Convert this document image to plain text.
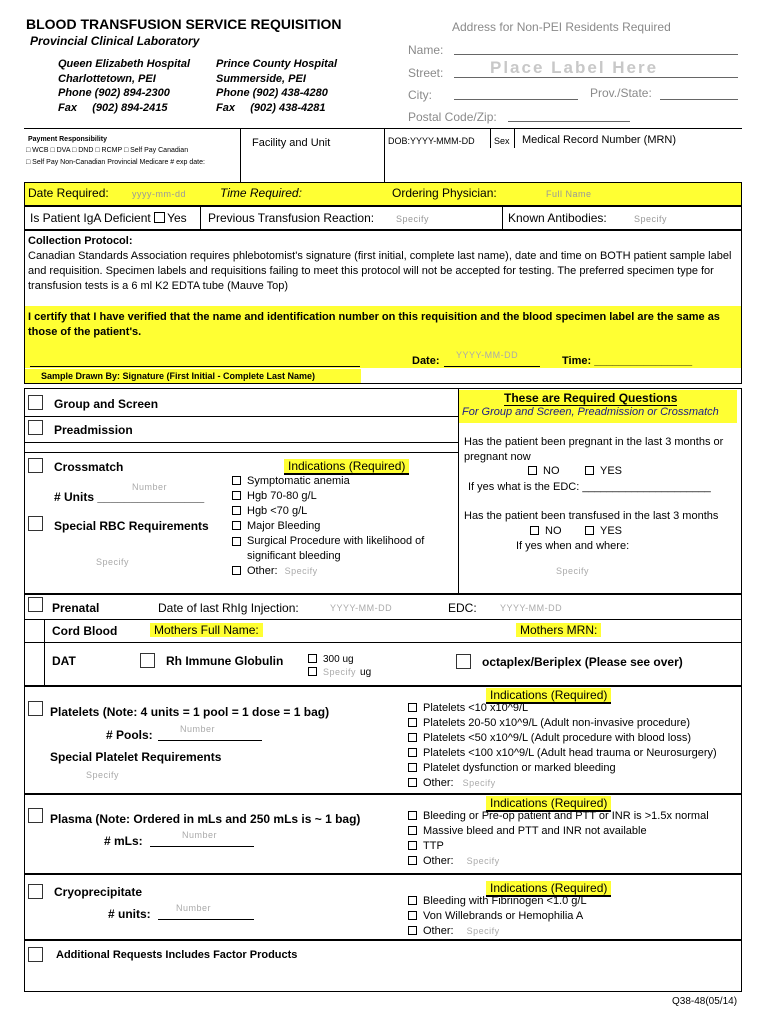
BLOOD TRANSFUSION SERVICE REQUISITION
Provincial Clinical Laboratory
Queen Elizabeth Hospital
Charlottetown, PEI
Phone (902) 894-2300
Fax     (902) 894-2415
Prince County Hospital
Summerside, PEI
Phone (902) 438-4280
Fax     (902) 438-4281
Address for Non-PEI Residents Required
Name:
Street:	Place Label Here
City:	Prov./State:
Postal Code/Zip:
Payment Responsibility
□ WCB □ DVA □ DND □ RCMP □ Self Pay Canadian
□ Self Pay Non-Canadian Provincial Medicare # exp date:
Facility and Unit	DOB:YYYY-MMM-DD Sex Medical Record Number (MRN)
Date Required:	yyyy-mm-dd	Time Required:	Ordering Physician:	Full Name
Is Patient IgA Deficient Yes Previous Transfusion Reaction: Specify	Known Antibodies:	Specify
Collection Protocol:
Canadian Standards Association requires phlebotomist's signature (first initial, complete last name), date and time on BOTH patient sample label and requisition. Specimen labels and requisitions failing to meet this protocol will not be accepted for testing. The preferred specimen type for transfusion tests is a 6 ml K2 EDTA tube (Mauve Top)
I certify that I have verified that the name and identification number on this requisition and the blood specimen label are the same as those of the patient's.
Date: YYYY-MM-DD	Time: ________________
Sample Drawn By: Signature (First Initial - Complete Last Name)
Group and Screen
Preadmission
Crossmatch
Number
# Units ________________
Special RBC Requirements
Specify
Indications (Required)
Symptomatic anemia
Hgb 70-80 g/L
Hgb <70 g/L
Major Bleeding
Surgical Procedure with likelihood of significant bleeding
Other: Specify
These are Required Questions
For Group and Screen, Preadmission or Crossmatch
Has the patient been pregnant in the last 3 months or pregnant now
NO	YES
If yes what is the EDC: _____________________
Has the patient been transfused in the last 3 months
NO	YES
If yes when and where:
Specify
Prenatal	Date of last RhIg Injection:	YYYY-MM-DD	EDC:	YYYY-MM-DD
Cord Blood	Mothers Full Name:	Mothers MRN:
DAT	Rh Immune Globulin	300 ug
Specify ug
octaplex/Beriplex (Please see over)
Platelets (Note: 4 units = 1 pool = 1 dose = 1 bag)
# Pools:	Number
Special Platelet Requirements
Specify
Indications (Required)
Platelets <10 x10^9/L
Platelets 20-50 x10^9/L (Adult non-invasive procedure)
Platelets <50 x10^9/L (Adult procedure with blood loss)
Platelets <100 x10^9/L (Adult head trauma or Neurosurgery)
Platelet dysfunction or marked bleeding
Other: Specify
Plasma (Note: Ordered in mLs and 250 mLs is ~ 1 bag)
# mLs:	Number
Indications (Required)
Bleeding or Pre-op patient and PTT or INR is >1.5x normal
Massive bleed and PTT and INR not available
TTP
Other: Specify
Cryoprecipitate
# units:	Number
Indications (Required)
Bleeding with Fibrinogen <1.0 g/L
Von Willebrands or Hemophilia A
Other: Specify
Additional Requests Includes Factor Products
Q38-48(05/14)
